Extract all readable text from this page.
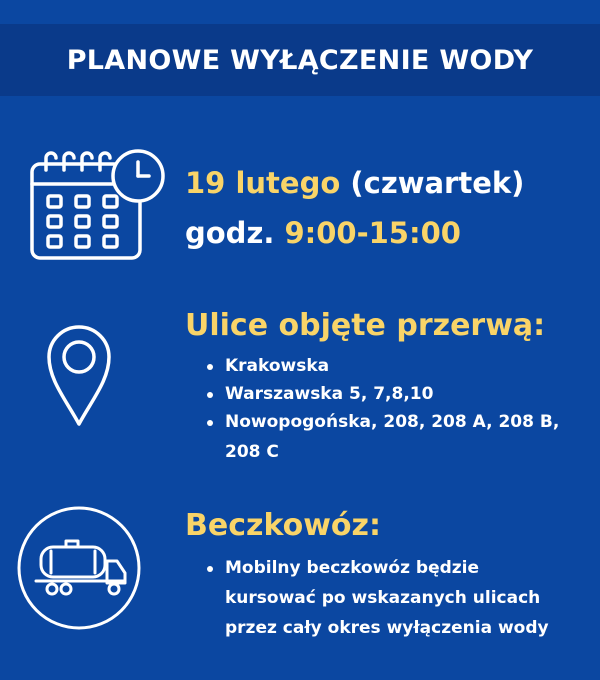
PLANOWE WYŁĄCZENIE WODY
19 lutego (czwartek)
godz. 9:00-15:00
Ulice objęte przerwą:
Krakowska
Warszawska 5, 7,8,10
Nowopogońska, 208, 208 A, 208 B,
208 C
Beczkowóz:
Mobilny beczkowóz będzie
kursować po wskazanych ulicach
przez cały okres wyłączenia wody
